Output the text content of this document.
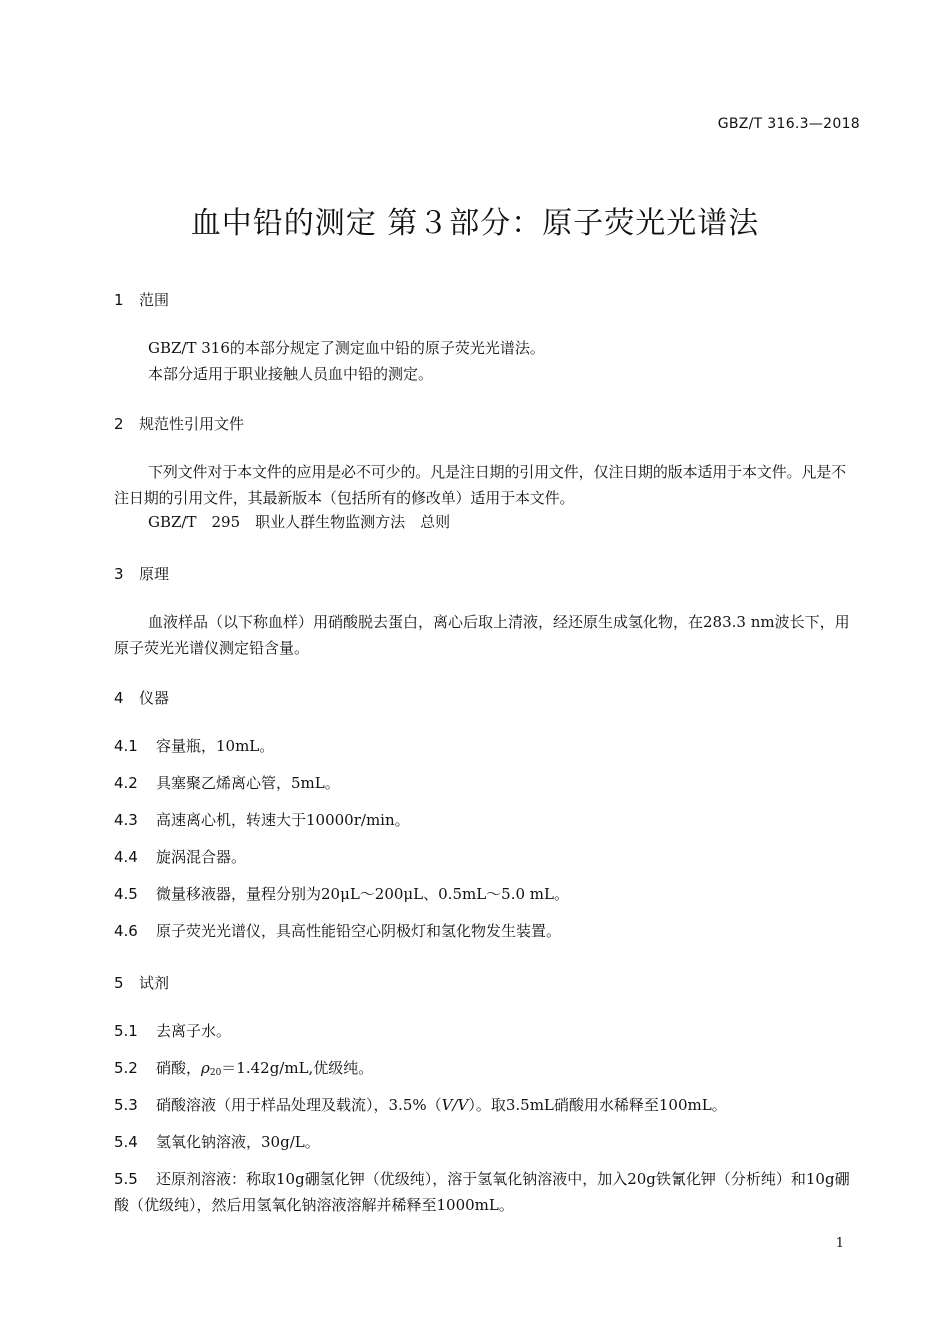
GBZ/T 316.3—2018
血中铅的测定 第３部分：原子荧光光谱法
1 范围
GBZ/T 316的本部分规定了测定血中铅的原子荧光光谱法。
本部分适用于职业接触人员血中铅的测定。
2 规范性引用文件
下列文件对于本文件的应用是必不可少的。凡是注日期的引用文件，仅注日期的版本适用于本文件。凡是不注日期的引用文件，其最新版本（包括所有的修改单）适用于本文件。
GBZ/T　295　职业人群生物监测方法　总则
3 原理
血液样品（以下称血样）用硝酸脱去蛋白，离心后取上清液，经还原生成氢化物，在283.3 nm波长下，用原子荧光光谱仪测定铅含量。
4 仪器
4.1 容量瓶，10mL。
4.2 具塞聚乙烯离心管，5mL。
4.3 高速离心机，转速大于10000r/min。
4.4 旋涡混合器。
4.5 微量移液器，量程分别为20μL～200μL、0.5mL～5.0 mL。
4.6 原子荧光光谱仪，具高性能铅空心阴极灯和氢化物发生装置。
5 试剂
5.1 去离子水。
5.2 硝酸，$\rho_{20}=1.42g/mL$,优级纯。
5.3 硝酸溶液（用于样品处理及载流），3.5%（V/V）。取3.5mL硝酸用水稀释至100mL。
5.4 氢氧化钠溶液，30g/L。
5.5 还原剂溶液：称取10g硼氢化钾（优级纯），溶于氢氧化钠溶液中，加入20g铁氰化钾（分析纯）和10g硼酸（优级纯），然后用氢氧化钠溶液溶解并稀释至1000mL。
1
